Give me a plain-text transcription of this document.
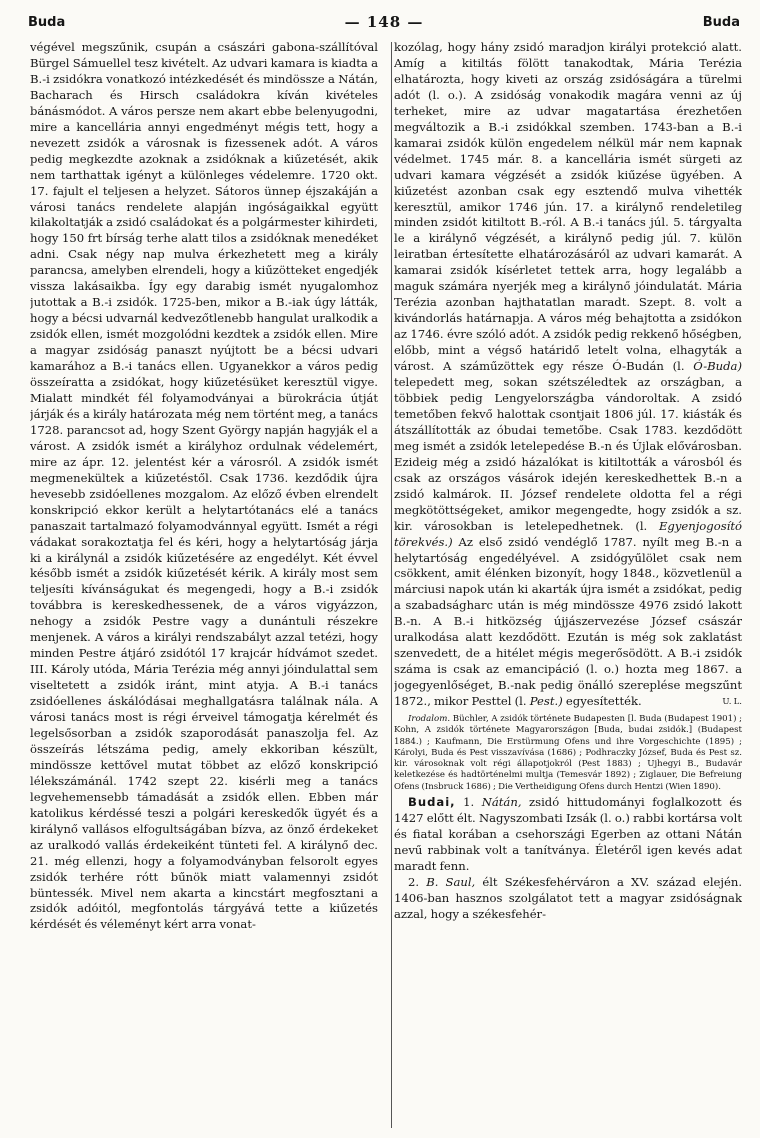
Buda	— 148 —	Buda

végével megszűnik, csupán a császári gabona-szállítóval Bürgel Sámuellel tesz kivételt. Az udvari kamara is kiadta a B.-i zsidókra vonatkozó intézkedését és mindössze a Nátán, Bacharach és Hirsch családokra kíván kivételes bánásmódot. A város persze nem akart ebbe belenyugodni, mire a kancellária annyi engedményt mégis tett, hogy a nevezett zsidók a városnak is fizessenek adót. A város pedig megkezdte azoknak a zsidóknak a kiűzetését, akik nem tarthattak igényt a különleges védelemre. 1720 okt. 17. fajult el teljesen a helyzet. Sátoros ünnep éjszakáján a városi tanács rendelete alapján ingóságaikkal együtt kilakoltatják a zsidó családokat és a polgármester kihirdeti, hogy 150 frt bírság terhe alatt tilos a zsidóknak menedéket adni. Csak négy nap mulva érkezhetett meg a király parancsa, amelyben elrendeli, hogy a kiűzötteket engedjék vissza lakásaikba. Így egy darabig ismét nyugalomhoz jutottak a B.-i zsidók. 1725-ben, mikor a B.-iak úgy látták, hogy a bécsi udvarnál kedvezőtlenebb hangulat uralkodik a zsidók ellen, ismét mozgolódni kezdtek a zsidók ellen. Mire a magyar zsidóság panaszt nyújtott be a bécsi udvari kamarához a B.-i tanács ellen. Ugyanekkor a város pedig összeíratta a zsidókat, hogy kiűzetésüket keresztül vigye. Mialatt mindkét fél folyamodványai a bürokrácia útját járják és a király határozata még nem történt meg, a tanács 1728. parancsot ad, hogy Szent György napján hagyják el a várost. A zsidók ismét a királyhoz ordulnak védelemért, mire az ápr. 12. jelentést kér a városról. A zsidók ismét megmenekültek a kiűzetéstől. Csak 1736. kezdődik újra hevesebb zsidóellenes mozgalom. Az előző évben elrendelt konskripció ekkor került a helytartótanács elé a tanács panaszait tartalmazó folyamodvánnyal együtt. Ismét a régi vádakat sorakoztatja fel és kéri, hogy a helytartóság járja ki a királynál a zsidók kiűzetésére az engedélyt. Két évvel később ismét a zsidók kiűzetését kérik. A király most sem teljesíti kívánságukat és megengedi, hogy a B.-i zsidók továbbra is kereskedhessenek, de a város vigyázzon, nehogy a zsidók Pestre vagy a dunántuli részekre menjenek. A város a királyi rendszabályt azzal tetézi, hogy minden Pestre átjáró zsidótól 17 krajcár hídvámot szedet. III. Károly utóda, Mária Terézia még annyi jóindulattal sem viseltetett a zsidók iránt, mint atyja. A B.-i tanács zsidóellenes áskálódásai meghallgatásra találnak nála. A városi tanács most is régi érveivel támogatja kérelmét és legelsősorban a zsidók szaporodását panaszolja fel. Az összeírás létszáma pedig, amely ekkoriban készült, mindössze kettővel mutat többet az előző konskripció lélekszámánál. 1742 szept 22. kisérli meg a tanács legvehemensebb támadását a zsidók ellen. Ebben már katolikus kérdéssé teszi a polgári kereskedők ügyét és a királynő vallásos elfogultságában bízva, az önző érdekeket az uralkodó vallás érdekeiként tünteti fel. A királynő dec. 21. még ellenzi, hogy a folyamodványban felsorolt egyes zsidók terhére rótt bűnök miatt valamennyi zsidót büntessék. Mivel nem akarta a kincstárt megfosztani a zsidók adóitól, megfontolás tárgyává tette a kiűzetés kérdését és véleményt kért arra vonat-

kozólag, hogy hány zsidó maradjon királyi protekció alatt. Amíg a kitiltás fölött tanakodtak, Mária Terézia elhatározta, hogy kiveti az ország zsidóságára a türelmi adót (l. o.). A zsidóság vonakodik magára venni az új terheket, mire az udvar magatartása érezhetően megváltozik a B.-i zsidókkal szemben. 1743-ban a B.-i kamarai zsidók külön engedelem nélkül már nem kapnak védelmet. 1745 már. 8. a kancellária ismét sürgeti az udvari kamara végzését a zsidók kiűzése ügyében. A kiűzetést azonban csak egy esztendő mulva vihették keresztül, amikor 1746 jún. 17. a királynő rendeletileg minden zsidót kitiltott B.-ról. A B.-i tanács júl. 5. tárgyalta le a királynő végzését, a királynő pedig júl. 7. külön leiratban értesítette elhatározásáról az udvari kamarát. A kamarai zsidók kísérletet tettek arra, hogy legalább a maguk számára nyerjék meg a királynő jóindulatát. Mária Terézia azonban hajthatatlan maradt. Szept. 8. volt a kivándorlás határnapja. A város még behajtotta a zsidókon az 1746. évre szóló adót. A zsidók pedig rekkenő hőségben, előbb, mint a végső határidő letelt volna, elhagyták a várost. A száműzöttek egy része Ó-Budán (l. Ó-Buda) telepedett meg, sokan szétszéledtek az országban, a többiek pedig Lengyelországba vándoroltak. A zsidó temetőben fekvő halottak csontjait 1806 júl. 17. kiásták és átszállították az óbudai temetőbe. Csak 1783. kezdődött meg ismét a zsidók letelepedése B.-n és Újlak elővárosban. Ezideig még a zsidó házalókat is kitiltották a városból és csak az országos vásárok idején kereskedhettek B.-n a zsidó kalmárok. II. József rendelete oldotta fel a régi megkötöttségeket, amikor megengedte, hogy zsidók a sz. kir. városokban is letelepedhetnek. (l. Egyenjogosító törekvés.) Az első zsidó vendéglő 1787. nyílt meg B.-n a helytartóság engedélyével. A zsidógyűlölet csak nem csökkent, amit élénken bizonyít, hogy 1848., közvetlenül a márciusi napok után ki akarták újra ismét a zsidókat, pedig a szabadságharc után is még mindössze 4976 zsidó lakott B.-n. A B.-i hitközség újjászervezése József császár uralkodása alatt kezdődött. Ezután is még sok zaklatást szenvedett, de a hitélet mégis megerősödött. A B.-i zsidók száma is csak az emancipáció (l. o.) hozta meg 1867. a jogegyenlőséget, B.-nak pedig önálló szereplése megszűnt 1872., mikor Pesttel (l. Pest.) egyesítették.	U. L.

Irodalom. Büchler, A zsidók története Budapesten [l. Buda (Budapest 1901) ; Kohn, A zsidók története Magyarországon [Buda, budai zsidók.] (Budapest 1884.) ; Kaufmann, Die Erstürmung Ofens und ihre Vorgeschichte (1895) ; Károlyi, Buda és Pest visszavívása (1686) ; Podhraczky József, Buda és Pest sz. kir. városoknak volt régi állapotjokról (Pest 1883) ; Ujhegyi B., Budavár keletkezése és hadtörténelmi multja (Temesvár 1892) ; Ziglauer, Die Befreiung Ofens (Insbruck 1686) ; Die Vertheidigung Ofens durch Hentzi (Wien 1890).

Budai, 1. Nátán, zsidó hittudományi foglalkozott és 1427 előtt élt. Nagyszombati Izsák (l. o.) rabbi kortársa volt és fiatal korában a csehországi Egerben az ottani Nátán nevű rabbinak volt a tanítványa. Életéről igen kevés adat maradt fenn.

2. B. Saul, élt Székesfehérváron a XV. század elején. 1406-ban hasznos szolgálatot tett a magyar zsidóságnak azzal, hogy a székesfehér-
